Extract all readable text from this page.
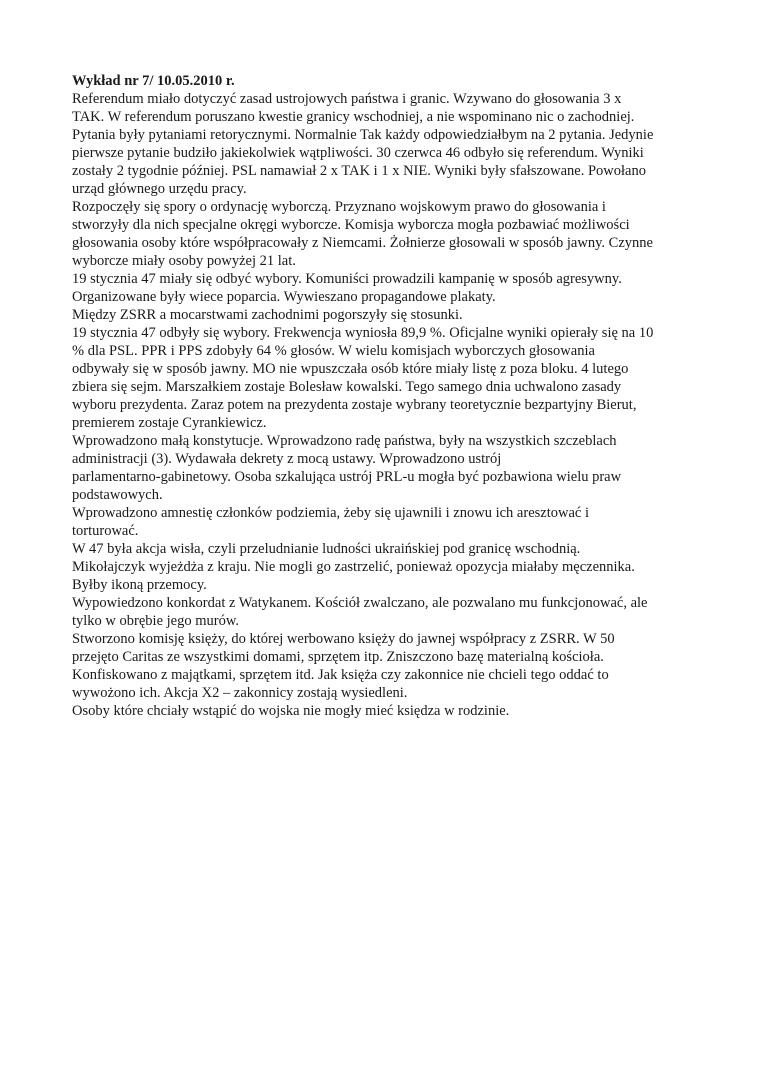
Wykład nr 7/ 10.05.2010 r.

Referendum miało dotyczyć zasad ustrojowych państwa i granic. Wzywano do głosowania 3 x
TAK. W referendum poruszano kwestie granicy wschodniej, a nie wspominano nic o zachodniej.
Pytania były pytaniami retorycznymi. Normalnie Tak każdy odpowiedziałbym na 2 pytania. Jedynie
pierwsze pytanie budziło jakiekolwiek wątpliwości. 30 czerwca 46 odbyło się referendum. Wyniki
zostały 2 tygodnie później. PSL namawiał 2 x TAK i 1 x NIE. Wyniki były sfałszowane. Powołano
urząd głównego urzędu pracy.

Rozpoczęły się spory o ordynację wyborczą. Przyznano wojskowym prawo do głosowania i
stworzyły dla nich specjalne okręgi wyborcze. Komisja wyborcza mogła pozbawiać możliwości
głosowania osoby które współpracowały z Niemcami. Żołnierze głosowali w sposób jawny. Czynne
wyborcze miały osoby powyżej 21 lat.

19 stycznia 47 miały się odbyć wybory. Komuniści prowadzili kampanię w sposób agresywny.
Organizowane były wiece poparcia. Wywieszano propagandowe plakaty.

Między ZSRR a mocarstwami zachodnimi pogorszyły się stosunki.

19 stycznia 47 odbyły się wybory. Frekwencja wyniosła 89,9 %. Oficjalne wyniki opierały się na 10
% dla PSL. PPR i PPS zdobyły 64 % głosów. W wielu komisjach wyborczych głosowania
odbywały się w sposób jawny. MO nie wpuszczała osób które miały listę z poza bloku. 4 lutego
zbiera się sejm. Marszałkiem zostaje Bolesław kowalski. Tego samego dnia uchwalono zasady
wyboru prezydenta. Zaraz potem na prezydenta zostaje wybrany teoretycznie bezpartyjny Bierut,
premierem zostaje Cyrankiewicz.

Wprowadzono małą konstytucje. Wprowadzono radę państwa, były na wszystkich szczeblach
administracji (3). Wydawała dekrety z mocą ustawy. Wprowadzono ustrój
parlamentarno-gabinetowy. Osoba szkalująca ustrój PRL-u mogła być pozbawiona wielu praw
podstawowych.

Wprowadzono amnestię członków podziemia, żeby się ujawnili i znowu ich aresztować i
torturować.

W 47 była akcja wisła, czyli przeludnianie ludności ukraińskiej pod granicę wschodnią.

Mikołajczyk wyjeżdża z kraju. Nie mogli go zastrzelić, ponieważ opozycja miałaby męczennika.
Byłby ikoną przemocy.

Wypowiedzono konkordat z Watykanem. Kościół zwalczano, ale pozwalano mu funkcjonować, ale
tylko w obrębie jego murów.

Stworzono komisję księży, do której werbowano księży do jawnej współpracy z ZSRR. W 50
przejęto Caritas ze wszystkimi domami, sprzętem itp. Zniszczono bazę materialną kościoła.
Konfiskowano z majątkami, sprzętem itd. Jak księża czy zakonnice nie chcieli tego oddać to
wywożono ich. Akcja X2 – zakonnicy zostają wysiedleni.

Osoby które chciały wstąpić do wojska nie mogły mieć księdza w rodzinie.
